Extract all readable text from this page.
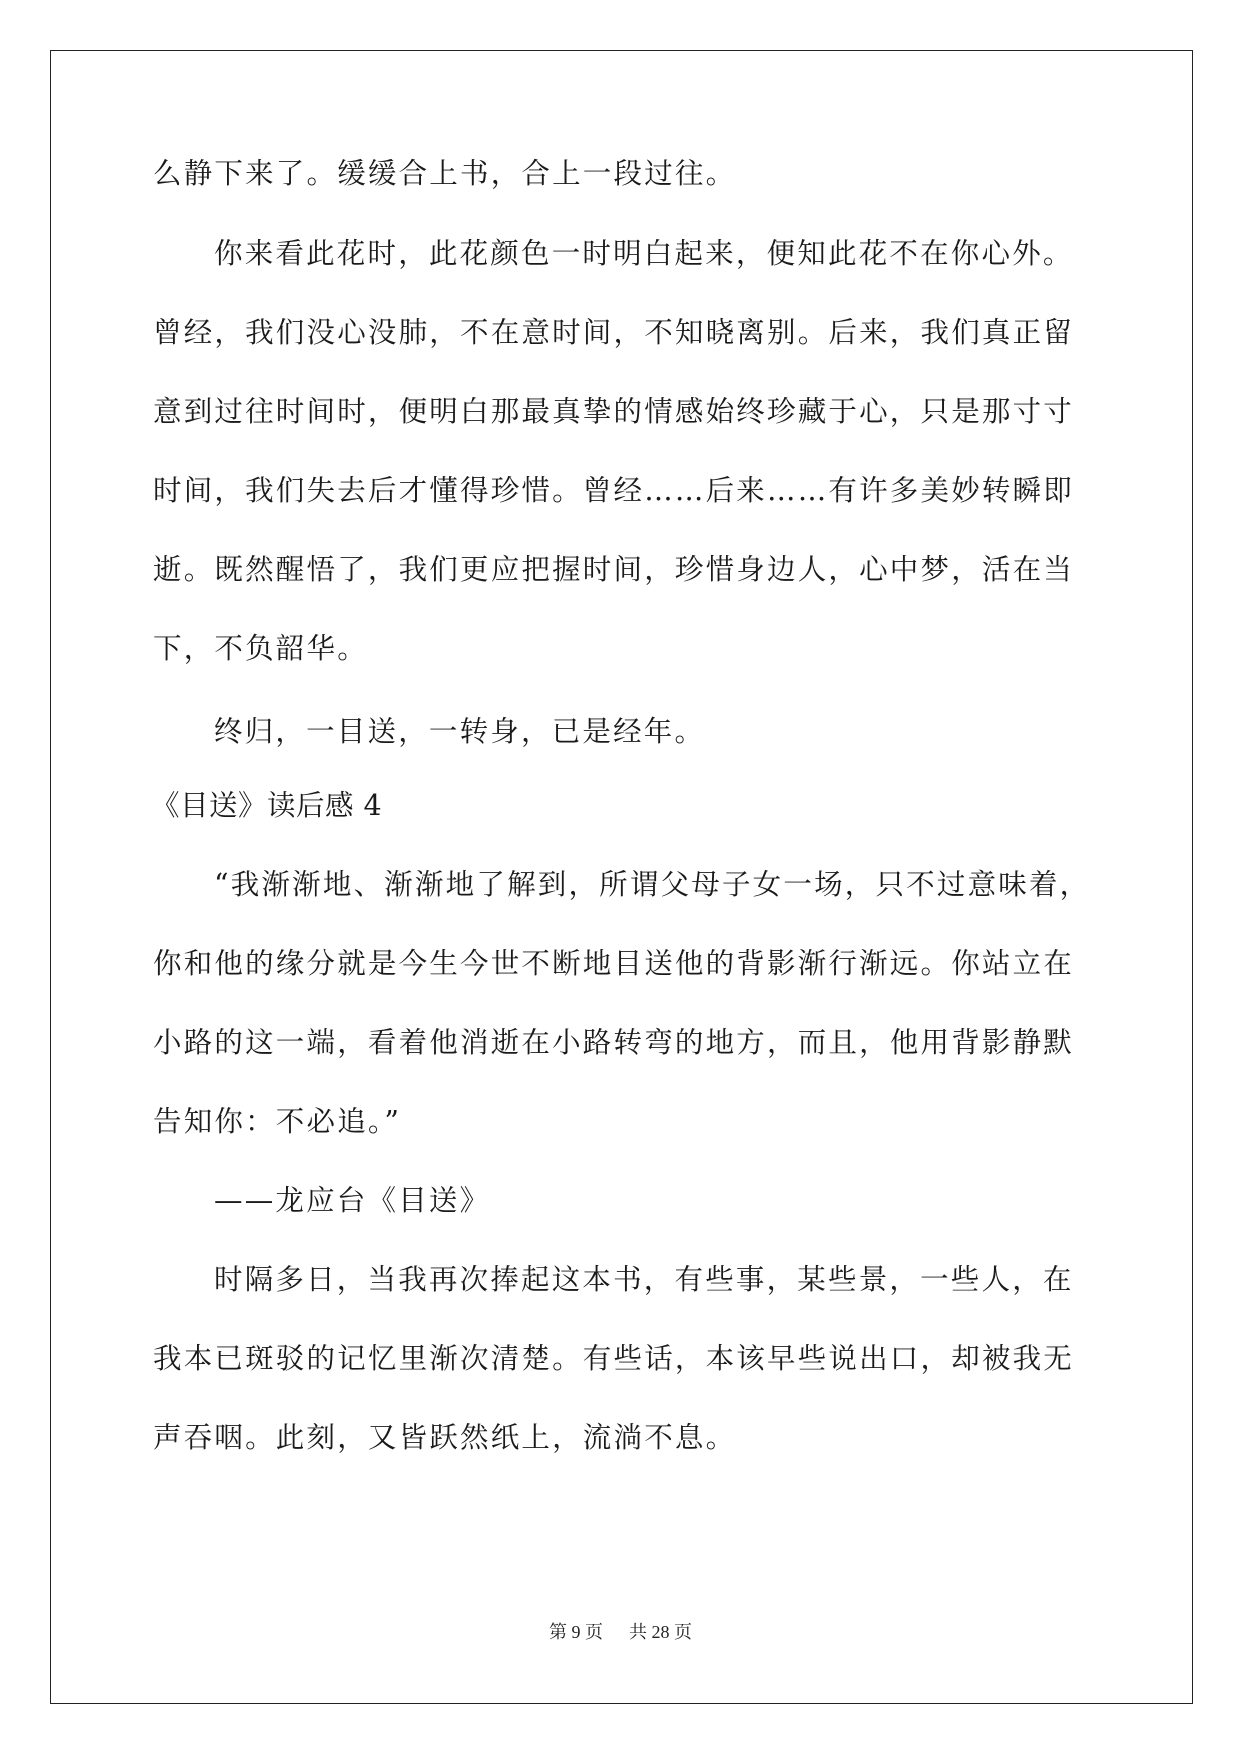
么静下来了。缓缓合上书，合上一段过往。
你来看此花时，此花颜色一时明白起来，便知此花不在你心外。
曾经，我们没心没肺，不在意时间，不知晓离别。后来，我们真正留
意到过往时间时，便明白那最真挚的情感始终珍藏于心，只是那寸寸
时间，我们失去后才懂得珍惜。曾经……后来……有许多美妙转瞬即
逝。既然醒悟了，我们更应把握时间，珍惜身边人，心中梦，活在当
下，不负韶华。
终归，一目送，一转身，已是经年。
《目送》读后感 4
“我渐渐地、渐渐地了解到，所谓父母子女一场，只不过意味着，
你和他的缘分就是今生今世不断地目送他的背影渐行渐远。你站立在
小路的这一端，看着他消逝在小路转弯的地方，而且，他用背影静默
告知你：不必追。”
——龙应台《目送》
时隔多日，当我再次捧起这本书，有些事，某些景，一些人，在
我本已斑驳的记忆里渐次清楚。有些话，本该早些说出口，却被我无
声吞咽。此刻，又皆跃然纸上，流淌不息。
第 9 页 共 28 页
